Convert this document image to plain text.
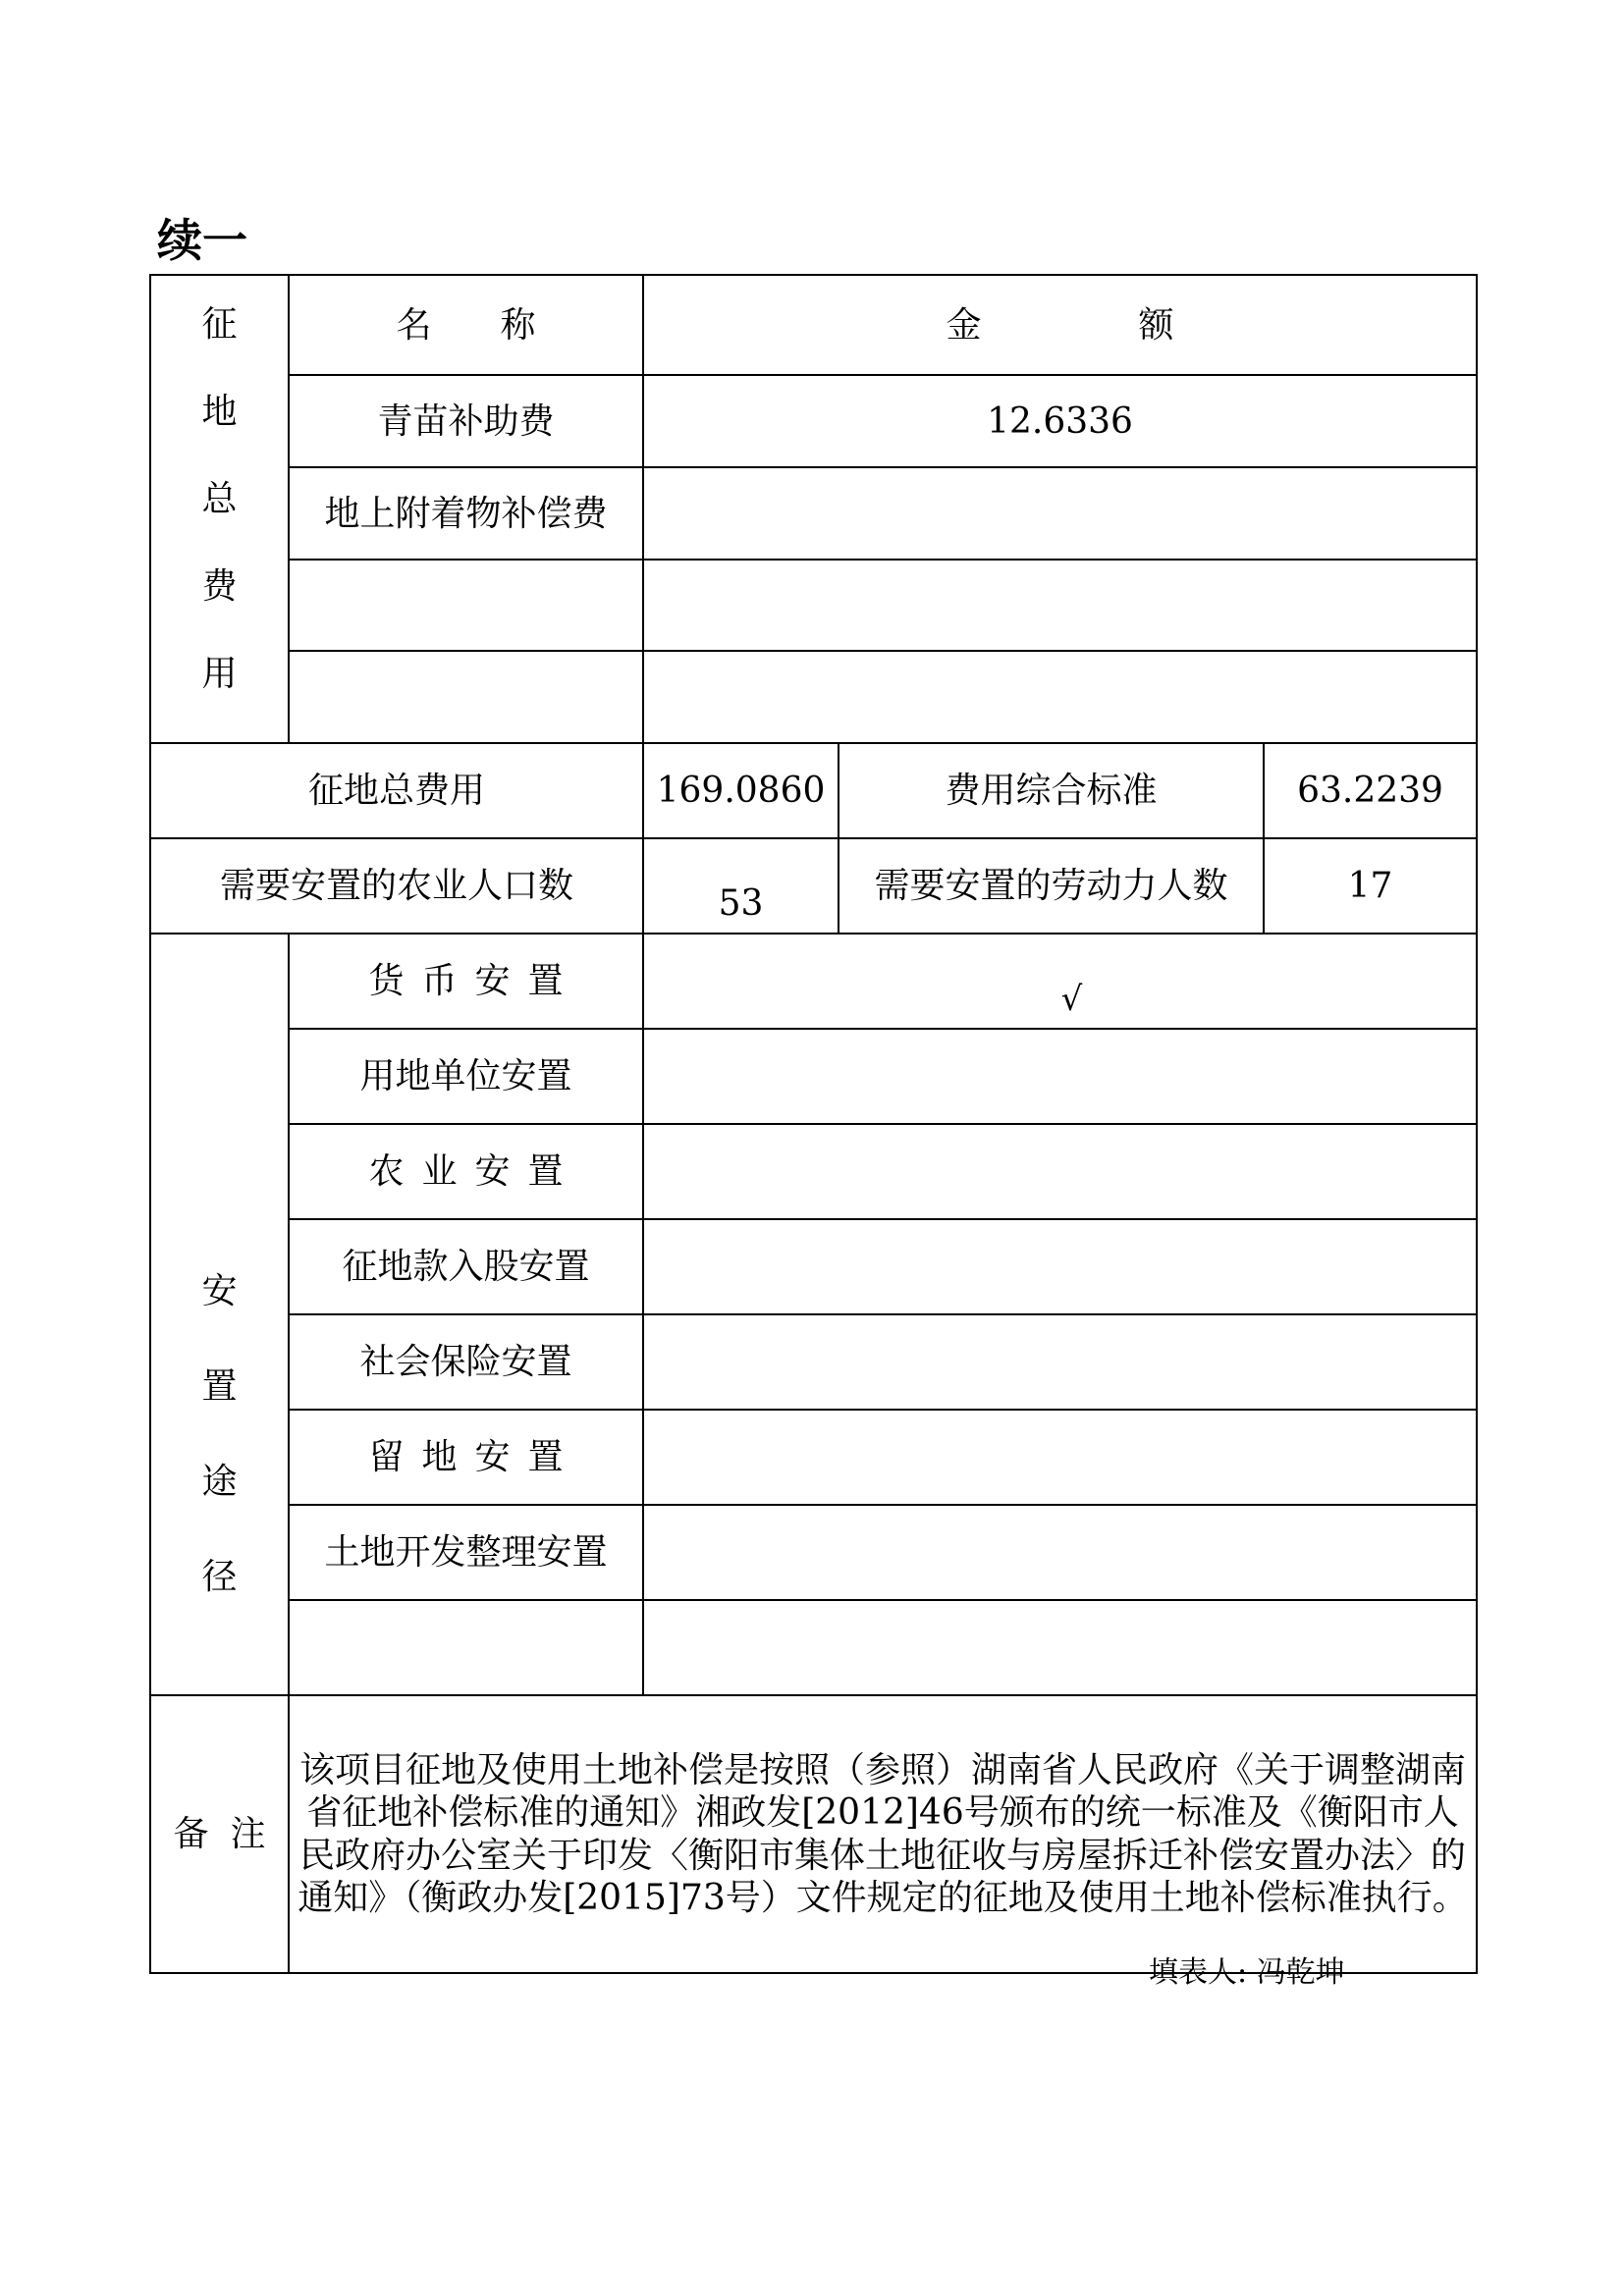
续一
征
地
总
费
用	名称	金额		
	青苗补助费	12.6336		
	地上附着物补偿费			

征地总费用		169.0860	费用综合标准	63.2239
需要安置的农业人口数		53	需要安置的劳动力人数	17

安
置
途
径	货币安置	√		
	用地单位安置			
	农业安置			
	征地款入股安置			
	社会保险安置			
	留地安置			
	土地开发整理安置			

备注	该项目征地及使用土地补偿是按照（参照）湖南省人民政府《关于调整湖南省征地补偿标准的通知》湘政发[2012]46号颁布的统一标准及《衡阳市人民政府办公室关于印发〈衡阳市集体土地征收与房屋拆迁补偿安置办法〉的通知》（衡政办发[2015]73号）文件规定的征地及使用土地补偿标准执行。			
填表人: 冯乾坤
